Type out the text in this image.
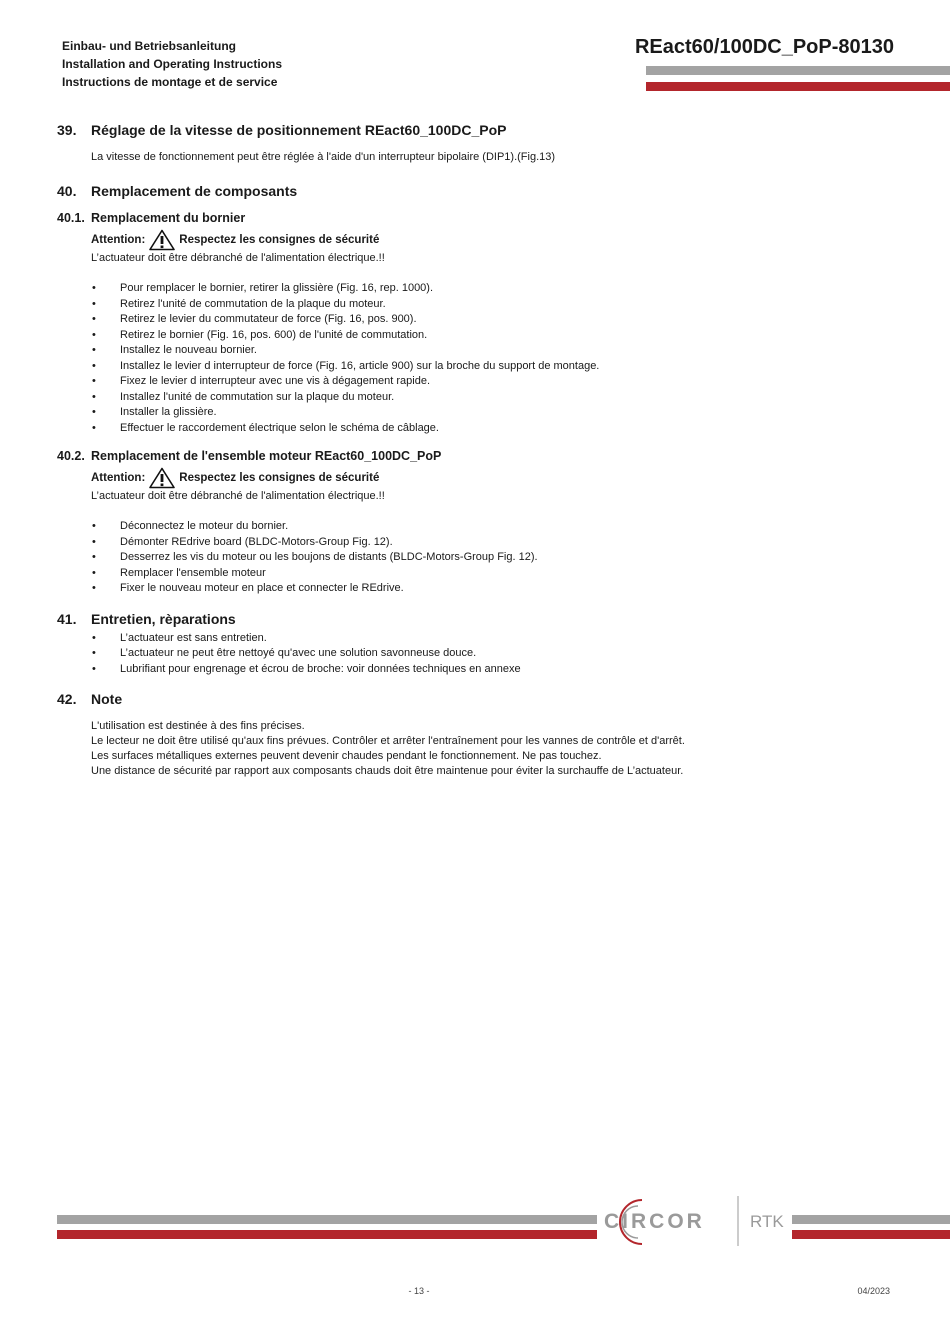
Einbau- und Betriebsanleitung
Installation and Operating Instructions
Instructions de montage et de service
REact60/100DC_PoP-80130
39. Réglage de la vitesse de positionnement REact60_100DC_PoP
La vitesse de fonctionnement peut être réglée à l'aide d'un interrupteur bipolaire (DIP1).(Fig.13)
40. Remplacement de composants
40.1. Remplacement du bornier
Attention:	Respectez les consignes de sécurité
L’actuateur doit être débranché de l'alimentation électrique.!!
• Pour remplacer le bornier, retirer la glissière (Fig. 16, rep. 1000).
• Retirez l'unité de commutation de la plaque du moteur.
• Retirez le levier du commutateur de force (Fig. 16, pos. 900).
• Retirez le bornier (Fig. 16, pos. 600) de l'unité de commutation.
• Installez le nouveau bornier.
• Installez le levier d interrupteur de force (Fig. 16, article 900) sur la broche du support de montage.
• Fixez le levier d interrupteur avec une vis à dégagement rapide.
• Installez l'unité de commutation sur la plaque du moteur.
• Installer la glissière.
• Effectuer le raccordement électrique selon le schéma de câblage.
40.2. Remplacement de l'ensemble moteur REact60_100DC_PoP
Attention:	Respectez les consignes de sécurité
L’actuateur doit être débranché de l'alimentation électrique.!!
• Déconnectez le moteur du bornier.
• Démonter REdrive board (BLDC-Motors-Group Fig. 12).
• Desserrez les vis du moteur ou les boujons de distants (BLDC-Motors-Group Fig. 12).
• Remplacer l'ensemble moteur
• Fixer le nouveau moteur en place et connecter le REdrive.
41. Entretien, rèparations
• L’actuateur est sans entretien.
• L’actuateur ne peut être nettoyé qu'avec une solution savonneuse douce.
• Lubrifiant pour engrenage et écrou de broche: voir données techniques en annexe
42. Note
L'utilisation est destinée à des fins précises.
Le lecteur ne doit être utilisé qu'aux fins prévues. Contrôler et arrêter l'entraînement pour les vannes de contrôle et d'arrêt.
Les surfaces métalliques externes peuvent devenir chaudes pendant le fonctionnement. Ne pas touchez.
Une distance de sécurité par rapport aux composants chauds doit être maintenue pour éviter la surchauffe de L’actuateur.
CIRCOR	RTK
- 13 -	04/2023
